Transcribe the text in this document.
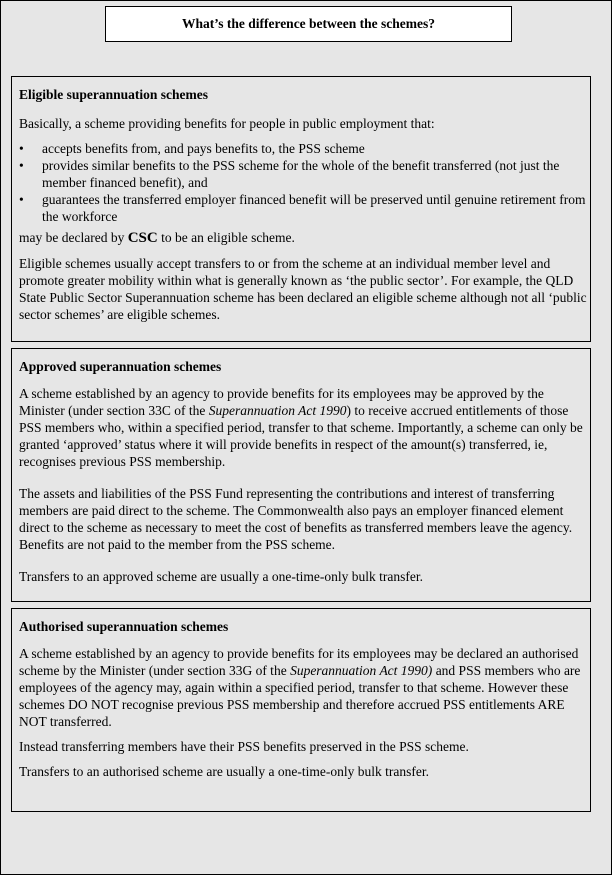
What’s the difference between the schemes?
Eligible superannuation schemes

Basically, a scheme providing benefits for people in public employment that:

• accepts benefits from, and pays benefits to, the PSS scheme
• provides similar benefits to the PSS scheme for the whole of the benefit transferred (not just the member financed benefit), and
• guarantees the transferred employer financed benefit will be preserved until genuine retirement from the workforce

may be declared by CSC to be an eligible scheme.

Eligible schemes usually accept transfers to or from the scheme at an individual member level and promote greater mobility within what is generally known as ‘the public sector’. For example, the QLD State Public Sector Superannuation scheme has been declared an eligible scheme although not all ‘public sector schemes’ are eligible schemes.

Approved superannuation schemes

A scheme established by an agency to provide benefits for its employees may be approved by the Minister (under section 33C of the Superannuation Act 1990) to receive accrued entitlements of those PSS members who, within a specified period, transfer to that scheme. Importantly, a scheme can only be granted ‘approved’ status where it will provide benefits in respect of the amount(s) transferred, ie, recognises previous PSS membership.

The assets and liabilities of the PSS Fund representing the contributions and interest of transferring members are paid direct to the scheme. The Commonwealth also pays an employer financed element direct to the scheme as necessary to meet the cost of benefits as transferred members leave the agency. Benefits are not paid to the member from the PSS scheme.

Transfers to an approved scheme are usually a one-time-only bulk transfer.

Authorised superannuation schemes

A scheme established by an agency to provide benefits for its employees may be declared an authorised scheme by the Minister (under section 33G of the Superannuation Act 1990) and PSS members who are employees of the agency may, again within a specified period, transfer to that scheme. However these schemes DO NOT recognise previous PSS membership and therefore accrued PSS entitlements ARE NOT transferred.

Instead transferring members have their PSS benefits preserved in the PSS scheme.

Transfers to an authorised scheme are usually a one-time-only bulk transfer.
